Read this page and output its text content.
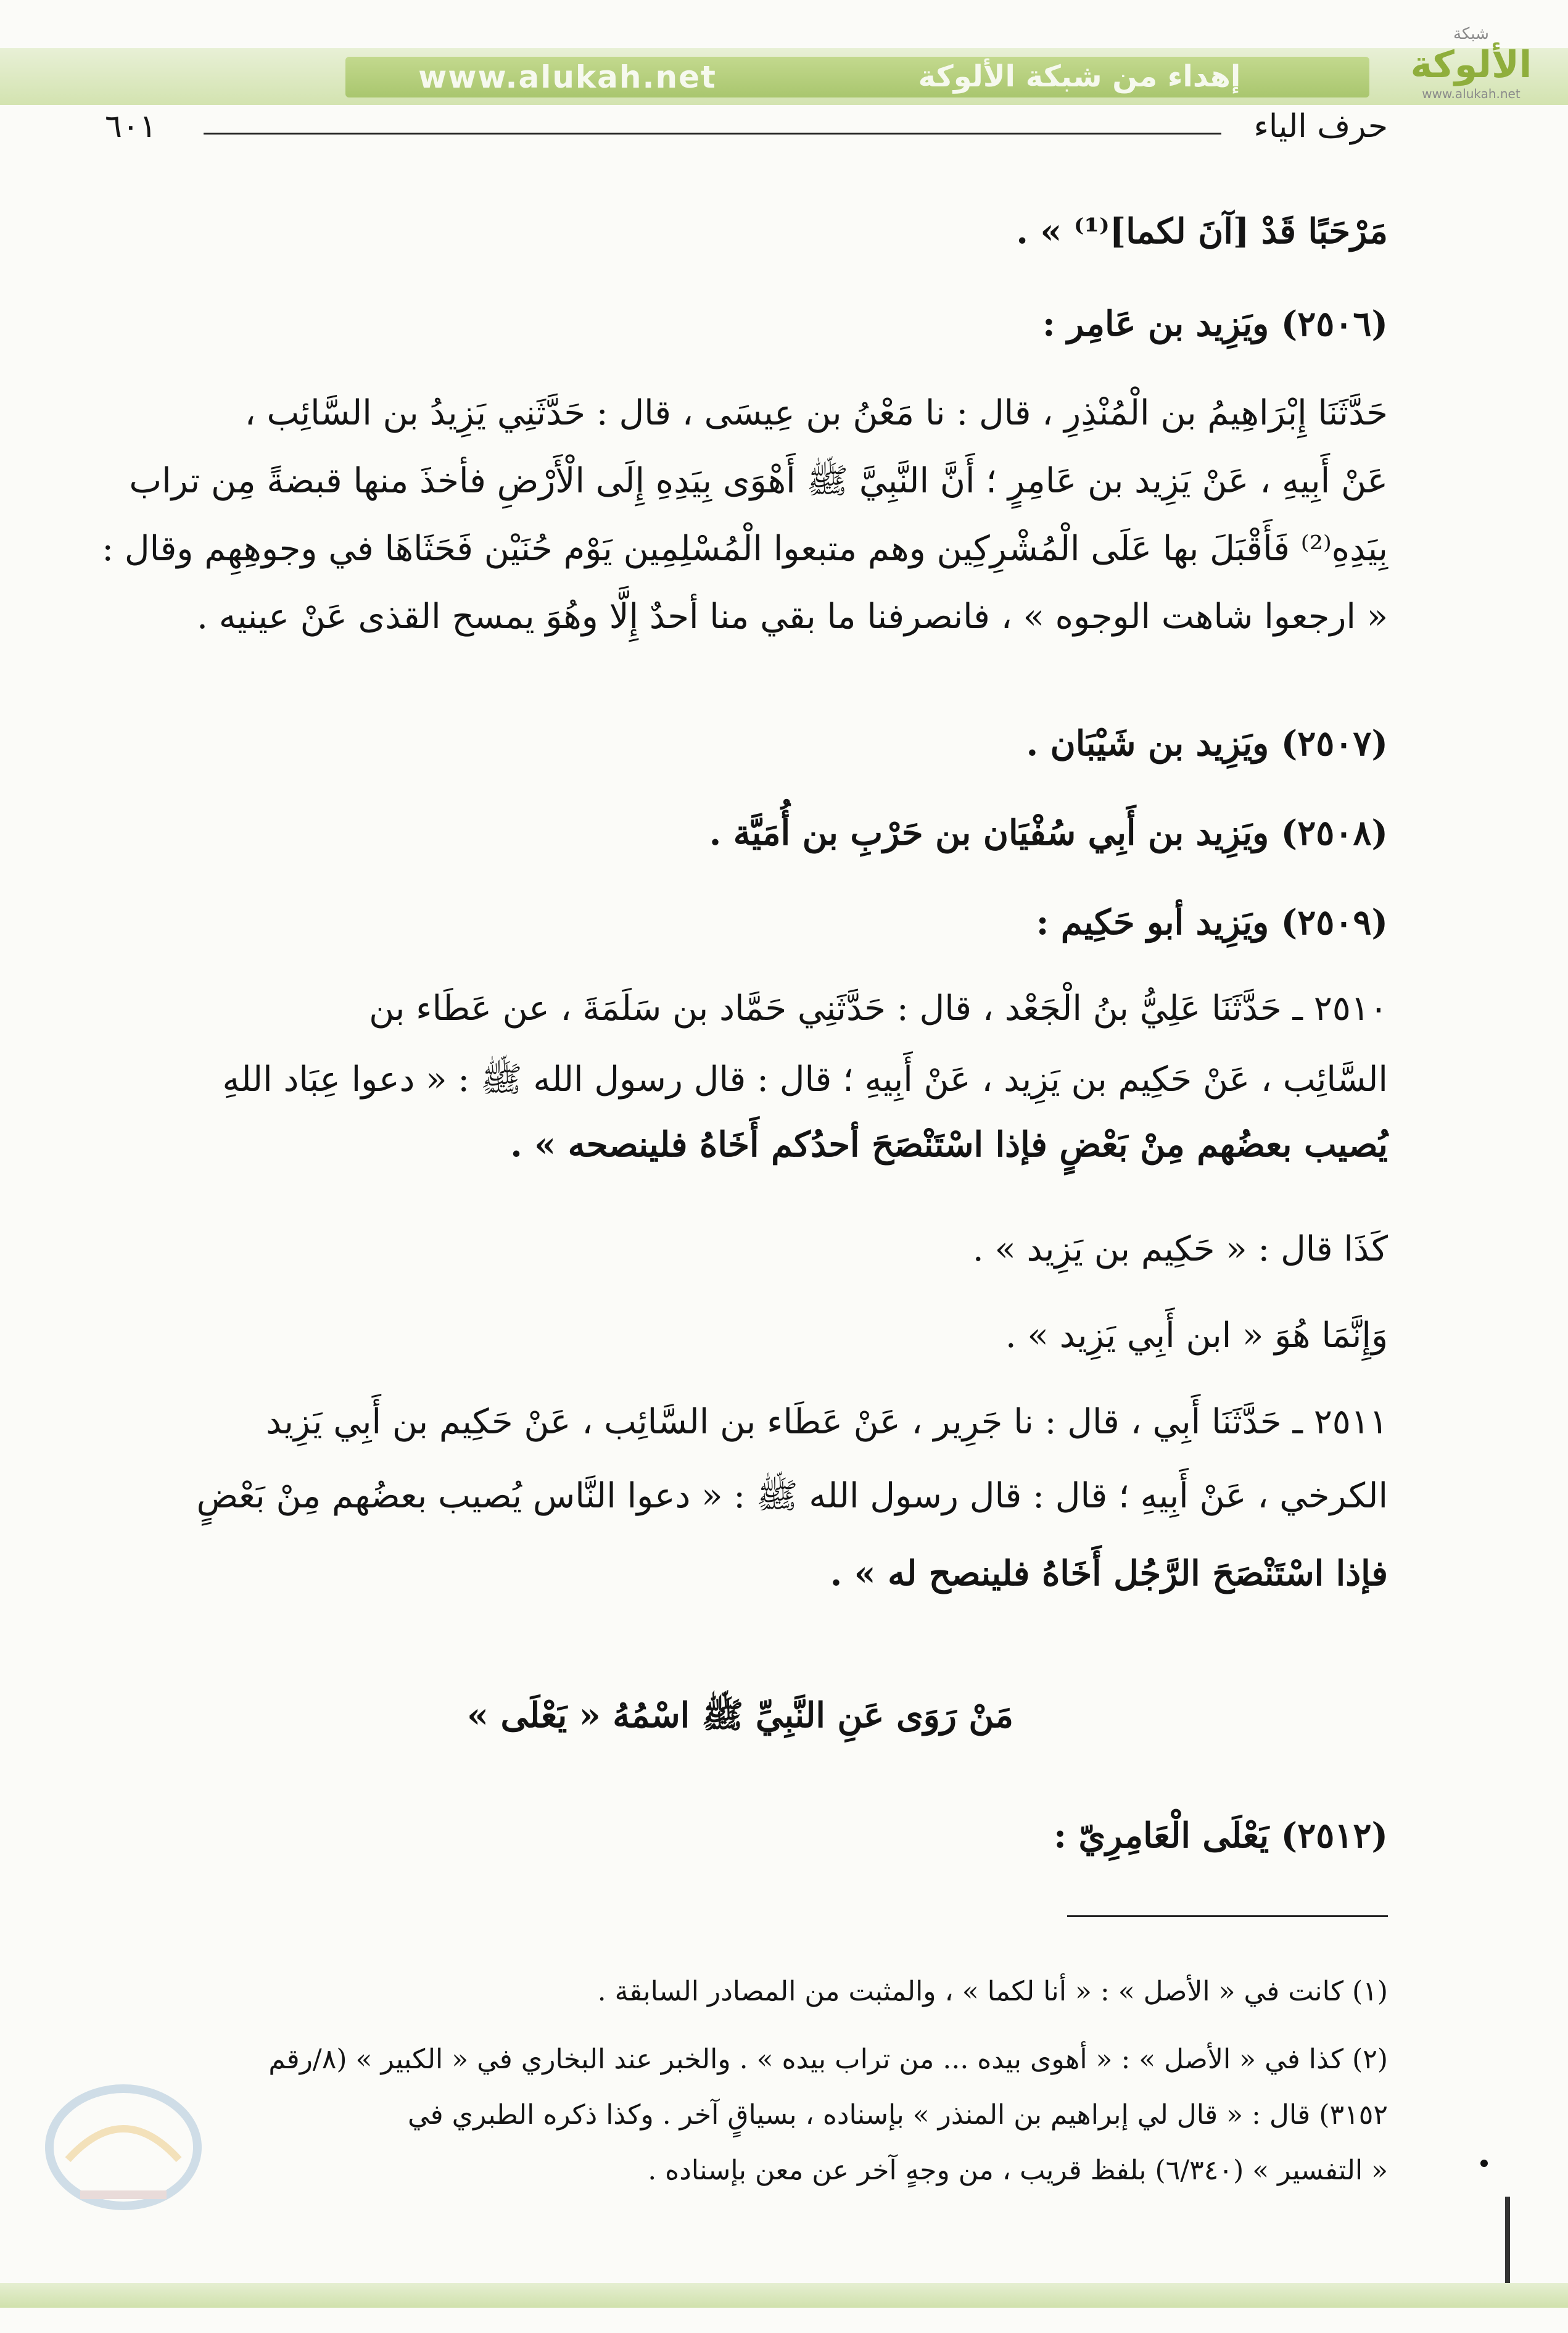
www.alukah.net	إهداء من شبكة الألوكة
شبكة
الألوكة
www.alukah.net
٦٠١	حرف الياء
مَرْحَبًا قَدْ [آنَ لكما]⁽¹⁾ » .
(٢٥٠٦) ويَزِيد بن عَامِر :
حَدَّثَنَا إِبْرَاهِيمُ بن الْمُنْذِرِ ، قال : نا مَعْنُ بن عِيسَى ، قال : حَدَّثَنِي يَزِيدُ بن السَّائِب ،
عَنْ أَبِيهِ ، عَنْ يَزِيد بن عَامِرٍ ؛ أَنَّ النَّبِيَّ ﷺ أَهْوَى بِيَدِهِ إِلَى الْأَرْضِ فأخذَ منها قبضةً مِن تراب
بِيَدِهِ⁽²⁾ فَأَقْبَلَ بها عَلَى الْمُشْرِكِين وهم متبعوا الْمُسْلِمِين يَوْم حُنَيْن فَحَثَاهَا في وجوهِهِم وقال :
« ارجعوا شاهت الوجوه » ، فانصرفنا ما بقي منا أحدٌ إِلَّا وهُوَ يمسح القذى عَنْ عينيه .
(٢٥٠٧) ويَزِيد بن شَيْبَان .
(٢٥٠٨) ويَزِيد بن أَبِي سُفْيَان بن حَرْبِ بن أُمَيَّة .
(٢٥٠٩) ويَزِيد أبو حَكِيم :
٢٥١٠ ـ حَدَّثَنَا عَلِيُّ بنُ الْجَعْد ، قال : حَدَّثَنِي حَمَّاد بن سَلَمَةَ ، عن عَطَاء بن
السَّائِب ، عَنْ حَكِيم بن يَزِيد ، عَنْ أَبِيهِ ؛ قال : قال رسول الله ﷺ : « دعوا عِبَاد اللهِ
يُصيب بعضُهم مِنْ بَعْضٍ فإذا اسْتَنْصَحَ أحدُكم أَخَاهُ فلينصحه » .
كَذَا قال : « حَكِيم بن يَزِيد » .
وَإِنَّمَا هُوَ « ابن أَبِي يَزِيد » .
٢٥١١ ـ حَدَّثَنَا أَبِي ، قال : نا جَرِير ، عَنْ عَطَاء بن السَّائِب ، عَنْ حَكِيم بن أَبِي يَزِيد
الكرخي ، عَنْ أَبِيهِ ؛ قال : قال رسول الله ﷺ : « دعوا النَّاس يُصيب بعضُهم مِنْ بَعْضٍ
فإذا اسْتَنْصَحَ الرَّجُل أَخَاهُ فلينصح له » .
مَنْ رَوَى عَنِ النَّبِيِّ ﷺ اسْمُهُ « يَعْلَى »
(٢٥١٢) يَعْلَى الْعَامِرِيّ :
(١) كانت في « الأصل » : « أنا لكما » ، والمثبت من المصادر السابقة .
(٢) كذا في « الأصل » : « أهوى بيده ... من تراب بيده » . والخبر عند البخاري في « الكبير » (٨/رقم
٣١٥٢) قال : « قال لي إبراهيم بن المنذر » بإسناده ، بسياقٍ آخر . وكذا ذكره الطبري في
« التفسير » (٦/٣٤٠) بلفظ قريب ، من وجهٍ آخر عن معن بإسناده .
